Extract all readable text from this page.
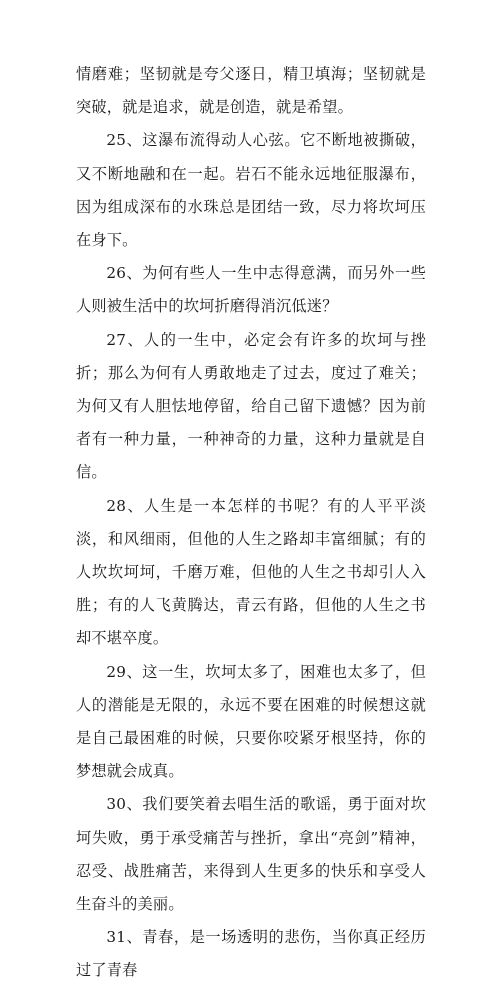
情磨难；坚韧就是夸父逐日，精卫填海；坚韧就是突破，就是追求，就是创造，就是希望。

25、这瀑布流得动人心弦。它不断地被撕破，又不断地融和在一起。岩石不能永远地征服瀑布，因为组成深布的水珠总是团结一致，尽力将坎坷压在身下。

26、为何有些人一生中志得意满，而另外一些人则被生活中的坎坷折磨得消沉低迷？

27、人的一生中，必定会有许多的坎坷与挫折；那么为何有人勇敢地走了过去，度过了难关；为何又有人胆怯地停留，给自己留下遗憾？因为前者有一种力量，一种神奇的力量，这种力量就是自信。

28、人生是一本怎样的书呢？有的人平平淡淡，和风细雨，但他的人生之路却丰富细腻；有的人坎坎坷坷，千磨万难，但他的人生之书却引人入胜；有的人飞黄腾达，青云有路，但他的人生之书却不堪卒度。

29、这一生，坎坷太多了，困难也太多了，但人的潜能是无限的，永远不要在困难的时候想这就是自己最困难的时候，只要你咬紧牙根坚持，你的梦想就会成真。

30、我们要笑着去唱生活的歌谣，勇于面对坎坷失败，勇于承受痛苦与挫折，拿出“亮剑”精神，忍受、战胜痛苦，来得到人生更多的快乐和享受人生奋斗的美丽。

31、青春，是一场透明的悲伤，当你真正经历过了青春
